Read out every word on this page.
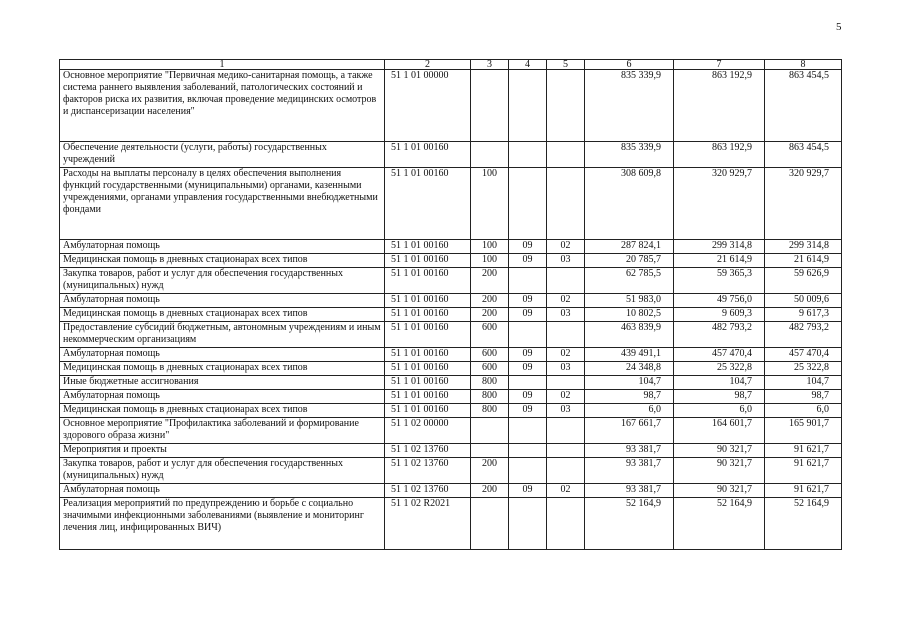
5
1	2	3	4	5	6	7	8
Основное мероприятие "Первичная медико-санитарная помощь, а также система раннего выявления заболеваний, патологических состояний и факторов риска их развития, включая проведение медицинских осмотров и диспансеризации населения"	51 1 01 00000				835 339,9	863 192,9	863 454,5
Обеспечение деятельности (услуги, работы) государственных учреждений	51 1 01 00160				835 339,9	863 192,9	863 454,5
Расходы на выплаты персоналу в целях обеспечения выполнения функций государственными (муниципальными) органами, казенными учреждениями, органами управления государственными внебюджетными фондами	51 1 01 00160	100			308 609,8	320 929,7	320 929,7
Амбулаторная помощь	51 1 01 00160	100	09	02	287 824,1	299 314,8	299 314,8
Медицинская помощь в дневных стационарах всех типов	51 1 01 00160	100	09	03	20 785,7	21 614,9	21 614,9
Закупка товаров, работ и услуг для обеспечения государственных (муниципальных) нужд	51 1 01 00160	200			62 785,5	59 365,3	59 626,9
Амбулаторная помощь	51 1 01 00160	200	09	02	51 983,0	49 756,0	50 009,6
Медицинская помощь в дневных стационарах всех типов	51 1 01 00160	200	09	03	10 802,5	9 609,3	9 617,3
Предоставление субсидий бюджетным, автономным учреждениям и иным некоммерческим организациям	51 1 01 00160	600			463 839,9	482 793,2	482 793,2
Амбулаторная помощь	51 1 01 00160	600	09	02	439 491,1	457 470,4	457 470,4
Медицинская помощь в дневных стационарах всех типов	51 1 01 00160	600	09	03	24 348,8	25 322,8	25 322,8
Иные бюджетные ассигнования	51 1 01 00160	800			104,7	104,7	104,7
Амбулаторная помощь	51 1 01 00160	800	09	02	98,7	98,7	98,7
Медицинская помощь в дневных стационарах всех типов	51 1 01 00160	800	09	03	6,0	6,0	6,0
Основное мероприятие "Профилактика заболеваний и формирование здорового образа жизни"	51 1 02 00000				167 661,7	164 601,7	165 901,7
Мероприятия и проекты	51 1 02 13760				93 381,7	90 321,7	91 621,7
Закупка товаров, работ и услуг для обеспечения государственных (муниципальных) нужд	51 1 02 13760	200			93 381,7	90 321,7	91 621,7
Амбулаторная помощь	51 1 02 13760	200	09	02	93 381,7	90 321,7	91 621,7
Реализация мероприятий по предупреждению и борьбе с социально значимыми инфекционными заболеваниями (выявление и мониторинг лечения лиц, инфицированных ВИЧ)	51 1 02 R2021				52 164,9	52 164,9	52 164,9
